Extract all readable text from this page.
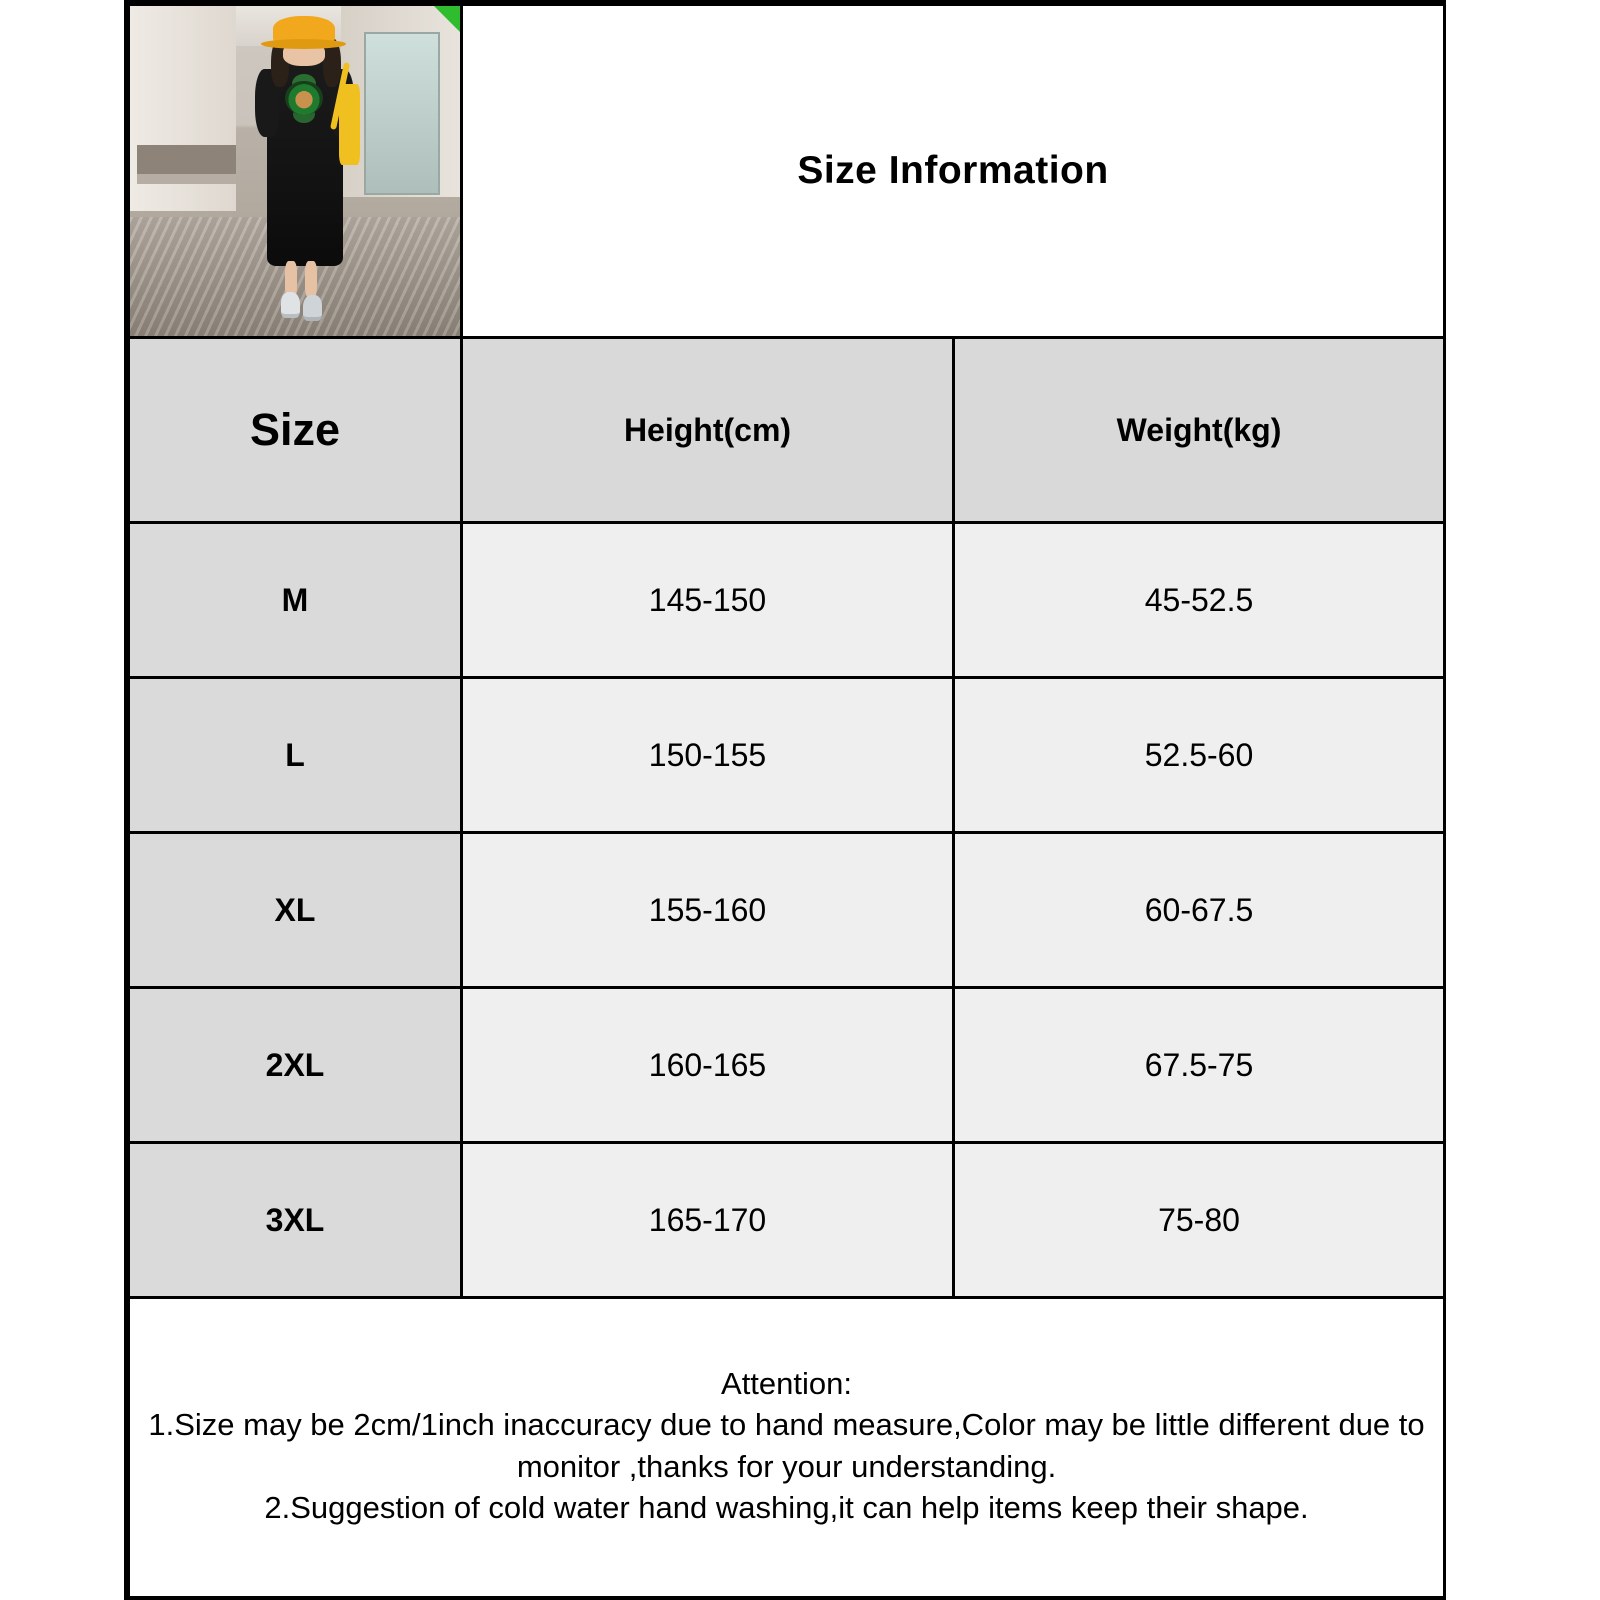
	Size Information	
Size	Height(cm)	Weight(kg)
M	145-150	45-52.5
L	150-155	52.5-60
XL	155-160	60-67.5
2XL	160-165	67.5-75
3XL	165-170	75-80

Attention:
1.Size may be 2cm/1inch inaccuracy due to hand measure,Color may be little different due to monitor ,thanks for your understanding.
2.Suggestion of cold water hand washing,it can help items keep their shape.		
